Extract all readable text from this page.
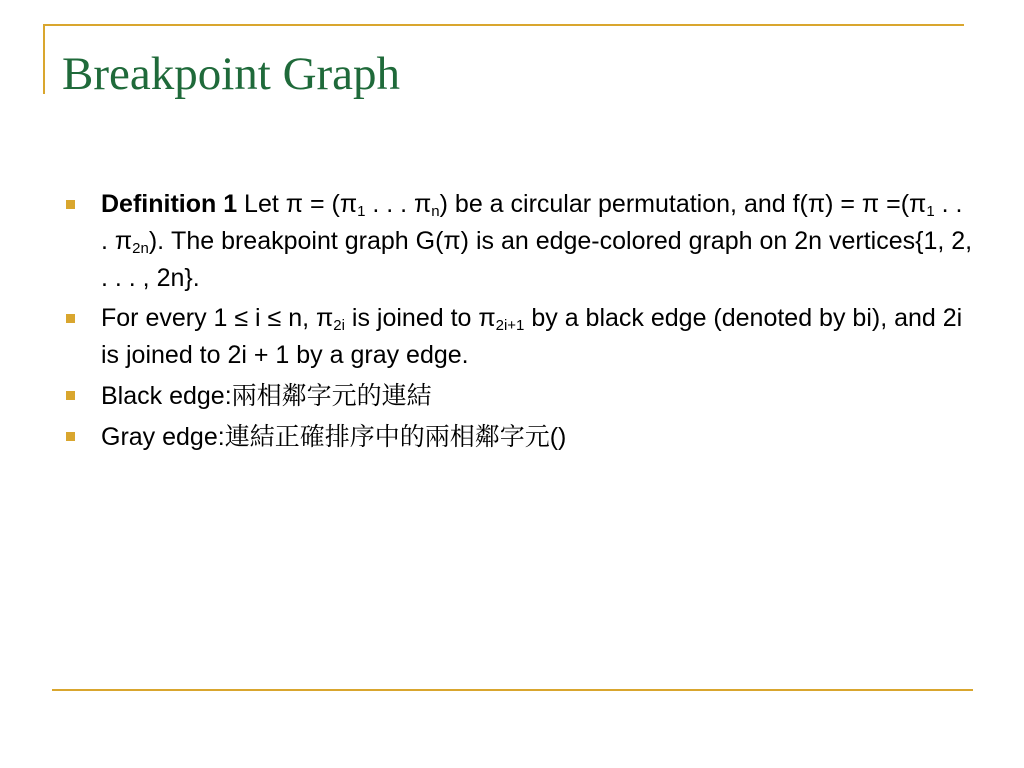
Breakpoint Graph
Definition 1 Let $\pi = (\pi_1$ . . . $\pi_n$) be a circular permutation, and $f(\pi) = \pi =(\pi_1$ . . . $\pi_{2n}$). The breakpoint graph G(π) is an edge-colored graph on 2n vertices{1, 2, . . . , 2n}.
For every 1 ≤ i ≤ n, $\pi_{2i}$ is joined to $\pi_{2i+1}$ by a black edge (denoted by bi), and 2i is joined to 2i + 1 by a gray edge.
Black edge:兩相鄰字元的連結
Gray edge:連結正確排序中的兩相鄰字元()
